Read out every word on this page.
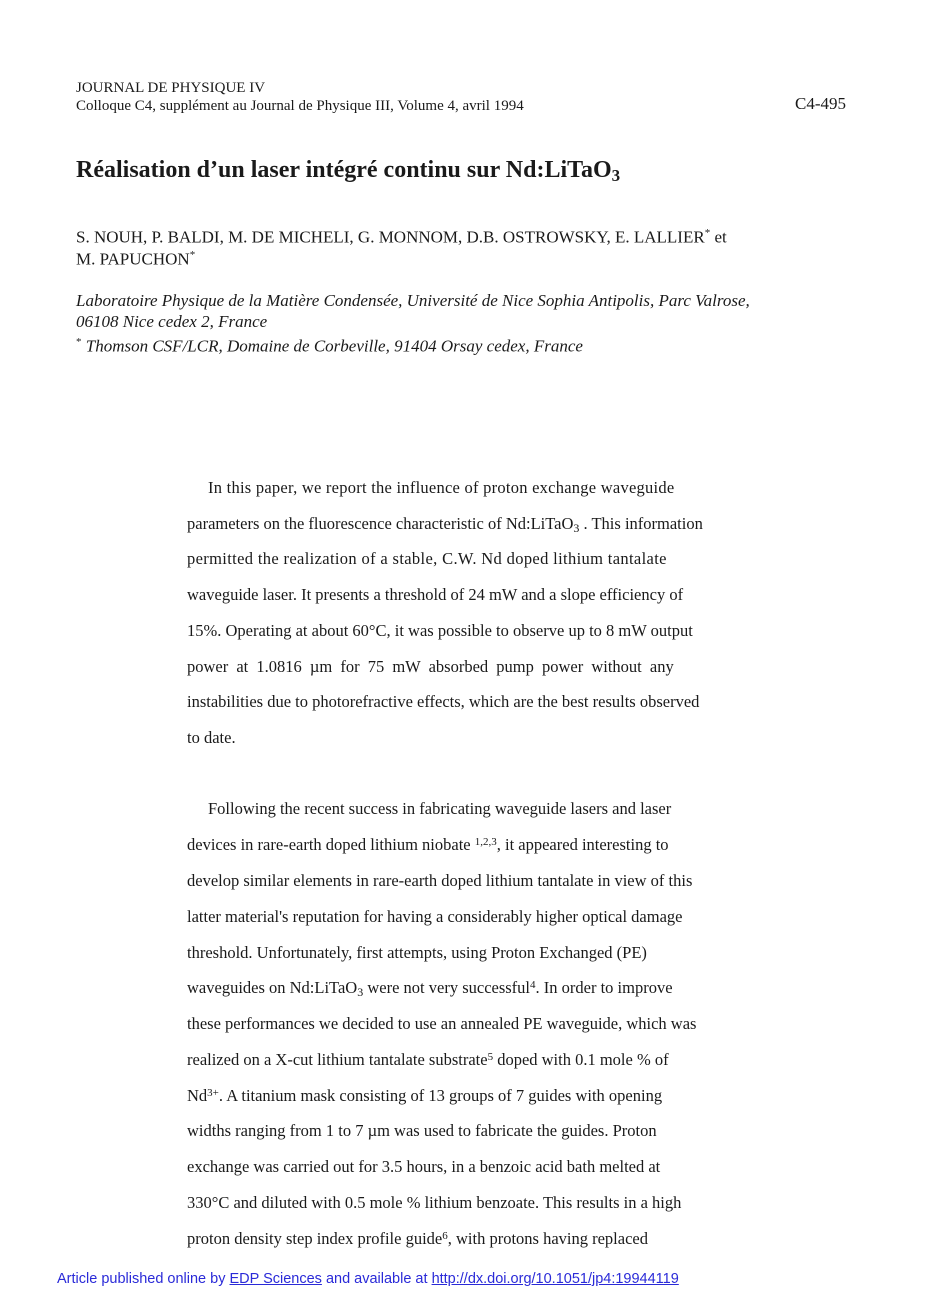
JOURNAL DE PHYSIQUE IV
Colloque C4, supplément au Journal de Physique III, Volume 4, avril 1994	C4-495
Réalisation d’un laser intégré continu sur Nd:LiTaO$_3$
S. NOUH, P. BALDI, M. DE MICHELI, G. MONNOM, D.B. OSTROWSKY, E. LALLIER* et
M. PAPUCHON*
Laboratoire Physique de la Matière Condensée, Université de Nice Sophia Antipolis, Parc Valrose,
06108 Nice cedex 2, France
* Thomson CSF/LCR, Domaine de Corbeville, 91404 Orsay cedex, France
In this paper, we report the influence of proton exchange waveguide
parameters on the fluorescence characteristic of Nd:LiTaO$_3$ . This information
permitted the realization of a stable, C.W. Nd doped lithium tantalate
waveguide laser. It presents a threshold of 24 mW and a slope efficiency of
15%. Operating at about 60°C, it was possible to observe up to 8 mW output
power at 1.0816 µm for 75 mW absorbed pump power without any
instabilities due to photorefractive effects, which are the best results observed
to date.
Following the recent success in fabricating waveguide lasers and laser
devices in rare-earth doped lithium niobate $^{1,2,3}$, it appeared interesting to
develop similar elements in rare-earth doped lithium tantalate in view of this
latter material's reputation for having a considerably higher optical damage
threshold. Unfortunately, first attempts, using Proton Exchanged (PE)
waveguides on Nd:LiTaO$_3$ were not very successful$^4$. In order to improve
these performances we decided to use an annealed PE waveguide, which was
realized on a X-cut lithium tantalate substrate$^5$ doped with 0.1 mole % of
$Nd^{3+}$. A titanium mask consisting of 13 groups of 7 guides with opening
widths ranging from 1 to 7 µm was used to fabricate the guides. Proton
exchange was carried out for 3.5 hours, in a benzoic acid bath melted at
330°C and diluted with 0.5 mole % lithium benzoate. This results in a high
proton density step index profile guide$^6$, with protons having replaced
Article published online by EDP Sciences and available at http://dx.doi.org/10.1051/jp4:19944119
